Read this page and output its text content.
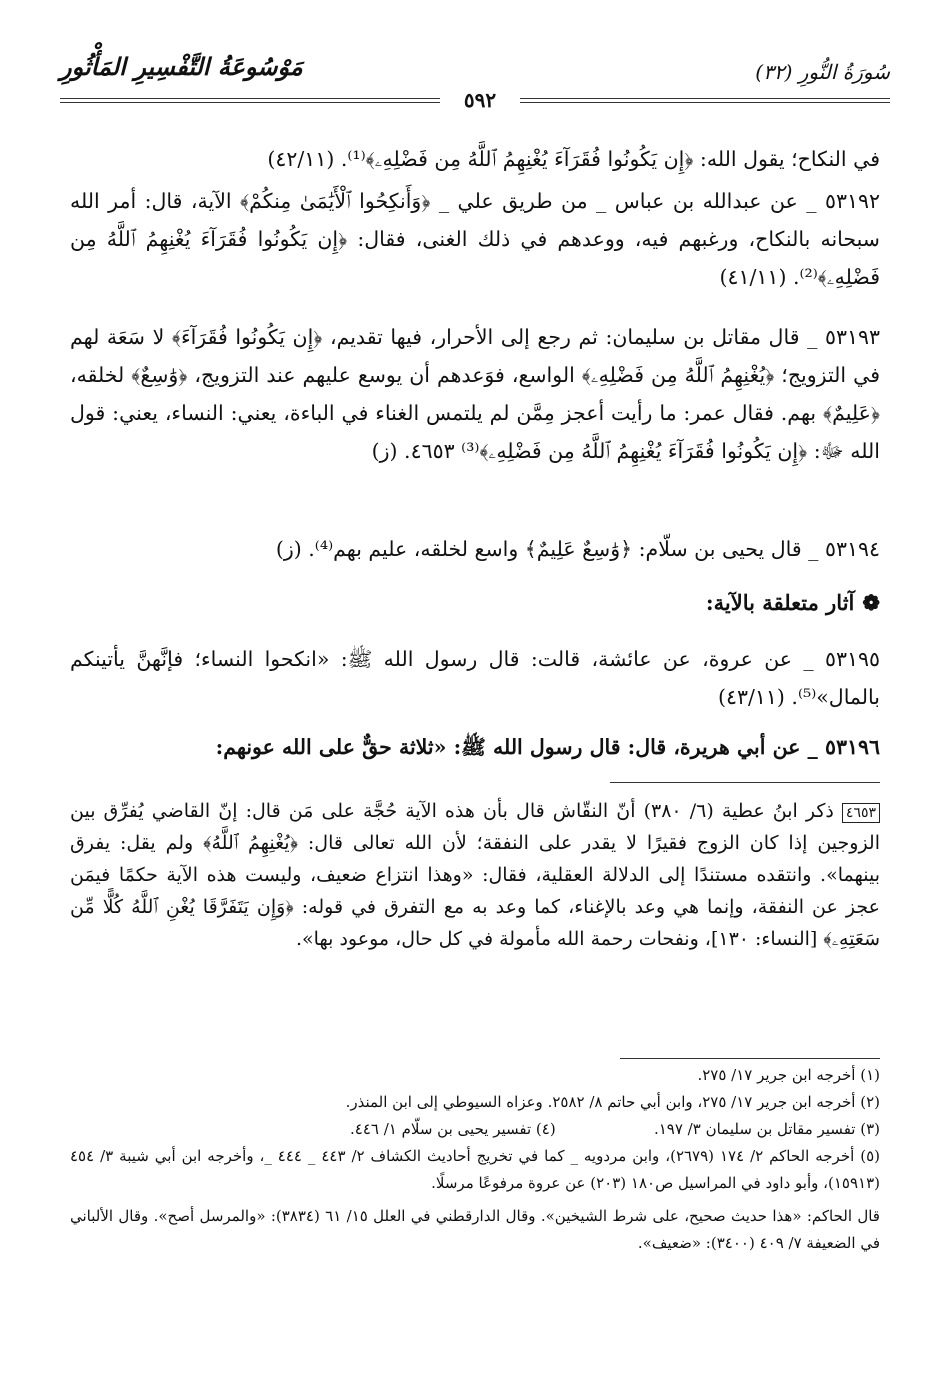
سُورَةُ النُّورِ (٣٢)
مَوْسُوعَةُ التَّفْسِيرِ المَأْثُورِ
٥٩٢
في النكاح؛ يقول الله: ﴿إِن يَكُونُوا فُقَرَآءَ يُغْنِهِمُ ٱللَّهُ مِن فَضْلِهِۦ﴾⁽¹⁾. (٤٢/١١)
٥٣١٩٢ _ عن عبدالله بن عباس _ من طريق علي _ ﴿وَأَنكِحُوا ٱلْأَيَٰمَىٰ مِنكُمْ﴾ الآية، قال: أمر الله سبحانه بالنكاح، ورغبهم فيه، ووعدهم في ذلك الغنى، فقال: ﴿إِن يَكُونُوا فُقَرَآءَ يُغْنِهِمُ ٱللَّهُ مِن فَضْلِهِۦ﴾⁽²⁾. (٤١/١١)
٥٣١٩٣ _ قال مقاتل بن سليمان: ثم رجع إلى الأحرار، فيها تقديم، ﴿إِن يَكُونُوا فُقَرَآءَ﴾ لا سَعَة لهم في التزويج؛ ﴿يُغْنِهِمُ ٱللَّهُ مِن فَضْلِهِۦ﴾ الواسع، فوَعدهم أن يوسع عليهم عند التزويج، ﴿وَٰسِعٌ﴾ لخلقه، ﴿عَلِيمٌ﴾ بهم. فقال عمر: ما رأيت أعجز مِمَّن لم يلتمس الغناء في الباءة، يعني: النساء، يعني: قول الله ﷻ: ﴿إِن يَكُونُوا فُقَرَآءَ يُغْنِهِمُ ٱللَّهُ مِن فَضْلِهِۦ﴾⁽³⁾ ٤٦٥٣. (ز)
٥٣١٩٤ _ قال يحيى بن سلّام: ﴿وَٰسِعٌ عَلِيمٌ﴾ واسع لخلقه، عليم بهم⁽⁴⁾. (ز)
❁آثار متعلقة بالآية:
٥٣١٩٥ _ عن عروة، عن عائشة، قالت: قال رسول الله ﷺ: «انكحوا النساء؛ فإنَّهنَّ يأتينكم بالمال»⁽⁵⁾. (٤٣/١١)
٥٣١٩٦ _ عن أبي هريرة، قال: قال رسول الله ﷺ: «ثلاثة حقٌّ على الله عونهم:
٤٦٥٣ ذكر ابنُ عطية (٦/ ٣٨٠) أنّ النقّاش قال بأن هذه الآية حُجَّة على مَن قال: إنّ القاضي يُفرِّق بين الزوجين إذا كان الزوج فقيرًا لا يقدر على النفقة؛ لأن الله تعالى قال: ﴿يُغْنِهِمُ ٱللَّهُ﴾ ولم يقل: يفرق بينهما». وانتقده مستندًا إلى الدلالة العقلية، فقال: «وهذا انتزاع ضعيف، وليست هذه الآية حكمًا فيمَن عجز عن النفقة، وإنما هي وعد بالإغناء، كما وعد به مع التفرق في قوله: ﴿وَإِن يَتَفَرَّقَا يُغْنِ ٱللَّهُ كُلًّا مِّن سَعَتِهِۦ﴾ [النساء: ١٣٠]، ونفحات رحمة الله مأمولة في كل حال، موعود بها».
(١) أخرجه ابن جرير ١٧/ ٢٧٥.
(٢) أخرجه ابن جرير ١٧/ ٢٧٥، وابن أبي حاتم ٨/ ٢٥٨٢. وعزاه السيوطي إلى ابن المنذر.
(٣) تفسير مقاتل بن سليمان ٣/ ١٩٧.
(٤) تفسير يحيى بن سلّام ١/ ٤٤٦.
(٥) أخرجه الحاكم ٢/ ١٧٤ (٢٦٧٩)، وابن مردويه _ كما في تخريج أحاديث الكشاف ٢/ ٤٤٣ _ ٤٤٤ _، وأخرجه ابن أبي شيبة ٣/ ٤٥٤ (١٥٩١٣)، وأبو داود في المراسيل ص١٨٠ (٢٠٣) عن عروة مرفوعًا مرسلًا.
قال الحاكم: «هذا حديث صحيح، على شرط الشيخين». وقال الدارقطني في العلل ١٥/ ٦١ (٣٨٣٤): «والمرسل أصح». وقال الألباني في الضعيفة ٧/ ٤٠٩ (٣٤٠٠): «ضعيف».
